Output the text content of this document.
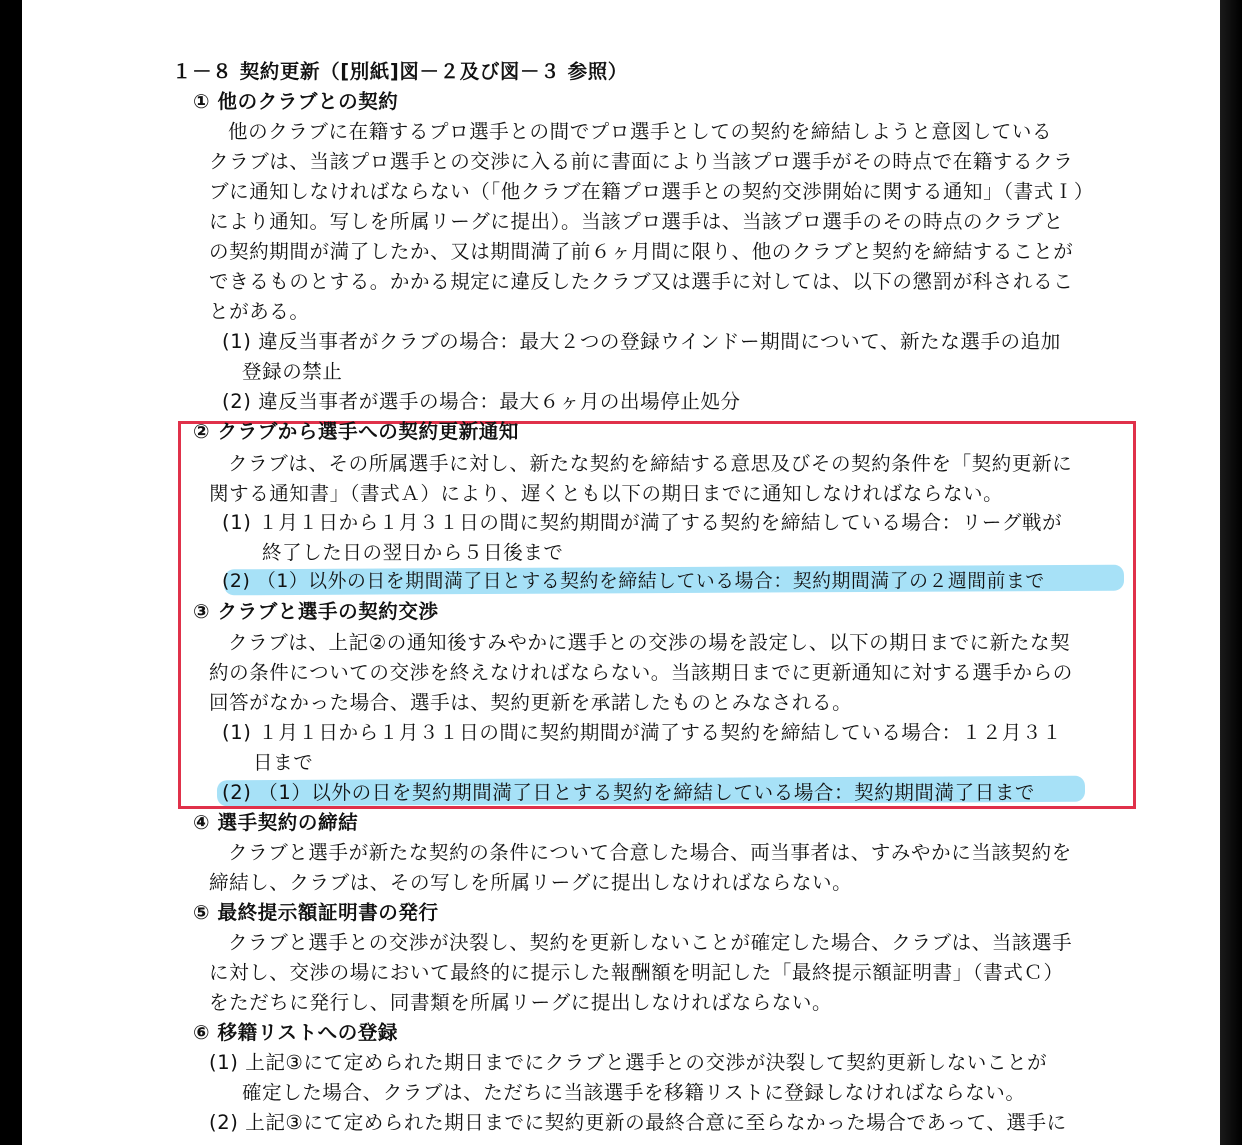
１－８ 契約更新（[別紙]図－２及び図－３ 参照）
① 他のクラブとの契約
他のクラブに在籍するプロ選手との間でプロ選手としての契約を締結しようと意図している
クラブは、当該プロ選手との交渉に入る前に書面により当該プロ選手がその時点で在籍するクラ
ブに通知しなければならない（「他クラブ在籍プロ選手との契約交渉開始に関する通知」（書式Ｉ）
により通知。写しを所属リーグに提出）。当該プロ選手は、当該プロ選手のその時点のクラブと
の契約期間が満了したか、又は期間満了前６ヶ月間に限り、他のクラブと契約を締結することが
できるものとする。かかる規定に違反したクラブ又は選手に対しては、以下の懲罰が科されるこ
とがある。
(1) 違反当事者がクラブの場合：最大２つの登録ウインドー期間について、新たな選手の追加
登録の禁止
(2) 違反当事者が選手の場合：最大６ヶ月の出場停止処分
② クラブから選手への契約更新通知
クラブは、その所属選手に対し、新たな契約を締結する意思及びその契約条件を「契約更新に
関する通知書」（書式Ａ）により、遅くとも以下の期日までに通知しなければならない。
(1) １月１日から１月３１日の間に契約期間が満了する契約を締結している場合：リーグ戦が
終了した日の翌日から５日後まで
(2) （1）以外の日を期間満了日とする契約を締結している場合：契約期間満了の２週間前まで
③ クラブと選手の契約交渉
クラブは、上記②の通知後すみやかに選手との交渉の場を設定し、以下の期日までに新たな契
約の条件についての交渉を終えなければならない。当該期日までに更新通知に対する選手からの
回答がなかった場合、選手は、契約更新を承諾したものとみなされる。
(1) １月１日から１月３１日の間に契約期間が満了する契約を締結している場合：１２月３１
日まで
(2) （1）以外の日を契約期間満了日とする契約を締結している場合：契約期間満了日まで
④ 選手契約の締結
クラブと選手が新たな契約の条件について合意した場合、両当事者は、すみやかに当該契約を
締結し、クラブは、その写しを所属リーグに提出しなければならない。
⑤ 最終提示額証明書の発行
クラブと選手との交渉が決裂し、契約を更新しないことが確定した場合、クラブは、当該選手
に対し、交渉の場において最終的に提示した報酬額を明記した「最終提示額証明書」（書式Ｃ）
をただちに発行し、同書類を所属リーグに提出しなければならない。
⑥ 移籍リストへの登録
(1) 上記③にて定められた期日までにクラブと選手との交渉が決裂して契約更新しないことが
確定した場合、クラブは、ただちに当該選手を移籍リストに登録しなければならない。
(2) 上記③にて定められた期日までに契約更新の最終合意に至らなかった場合であって、選手に
